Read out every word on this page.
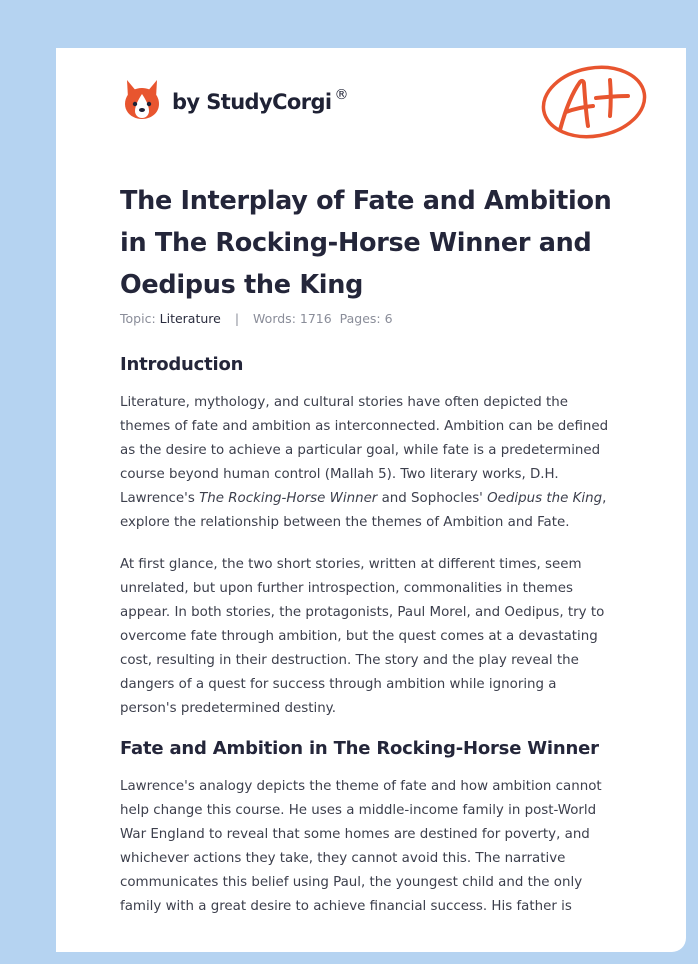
by StudyCorgi ®
The Interplay of Fate and Ambition in The Rocking-Horse Winner and Oedipus the King
Topic: Literature | Words: 1716 Pages: 6
Introduction

Literature, mythology, and cultural stories have often depicted the
themes of fate and ambition as interconnected. Ambition can be defined
as the desire to achieve a particular goal, while fate is a predetermined
course beyond human control (Mallah 5). Two literary works, D.H.
Lawrence's The Rocking-Horse Winner and Sophocles' Oedipus the King,
explore the relationship between the themes of Ambition and Fate.

At first glance, the two short stories, written at different times, seem
unrelated, but upon further introspection, commonalities in themes
appear. In both stories, the protagonists, Paul Morel, and Oedipus, try to
overcome fate through ambition, but the quest comes at a devastating
cost, resulting in their destruction. The story and the play reveal the
dangers of a quest for success through ambition while ignoring a
person's predetermined destiny.

Fate and Ambition in The Rocking-Horse Winner

Lawrence's analogy depicts the theme of fate and how ambition cannot
help change this course. He uses a middle-income family in post-World
War England to reveal that some homes are destined for poverty, and
whichever actions they take, they cannot avoid this. The narrative
communicates this belief using Paul, the youngest child and the only
family with a great desire to achieve financial success. His father is
